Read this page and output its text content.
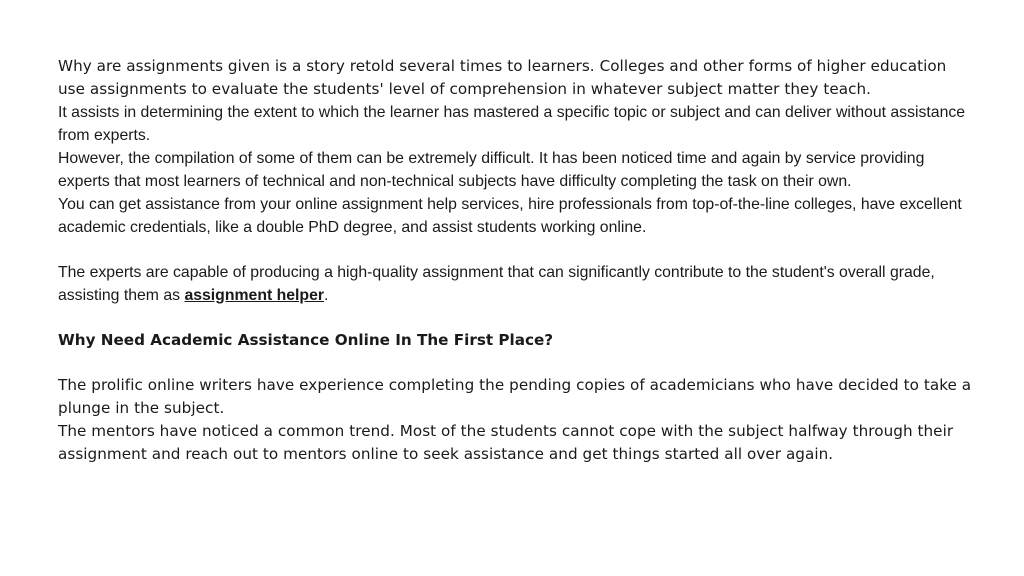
Why are assignments given is a story retold several times to learners. Colleges and other forms of higher education use assignments to evaluate the students' level of comprehension in whatever subject matter they teach.

It assists in determining the extent to which the learner has mastered a specific topic or subject and can deliver without assistance from experts.

However, the compilation of some of them can be extremely difficult. It has been noticed time and again by service providing experts that most learners of technical and non-technical subjects have difficulty completing the task on their own.

You can get assistance from your online assignment help services, hire professionals from top-of-the-line colleges, have excellent academic credentials, like a double PhD degree, and assist students working online.

The experts are capable of producing a high-quality assignment that can significantly contribute to the student's overall grade, assisting them as assignment helper.

Why Need Academic Assistance Online In The First Place?

The prolific online writers have experience completing the pending copies of academicians who have decided to take a plunge in the subject.

The mentors have noticed a common trend. Most of the students cannot cope with the subject halfway through their assignment and reach out to mentors online to seek assistance and get things started all over again.
